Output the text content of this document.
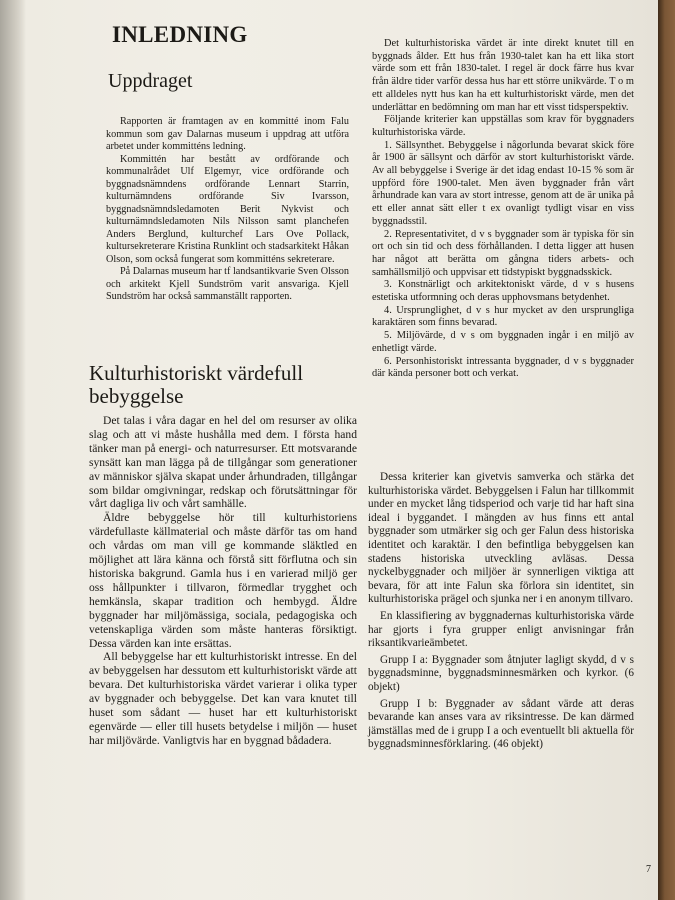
INLEDNING
Uppdraget

Rapporten är framtagen av en kommitté inom Falu kommun som gav Dalarnas museum i uppdrag att utföra arbetet under kommitténs ledning.

Kommittén har bestått av ordförande och kommunalrådet Ulf Elgemyr, vice ordförande och byggnadsnämndens ordförande Lennart Starrin, kulturnämndens ordförande Siv Ivarsson, byggnadsnämndsledamoten Berit Nykvist och kulturnämndsledamoten Nils Nilsson samt planchefen Anders Berglund, kulturchef Lars Ove Pollack, kultursekreterare Kristina Runklint och stadsarkitekt Håkan Olson, som också fungerat som kommitténs sekreterare.

På Dalarnas museum har tf landsantikvarie Sven Olsson och arkitekt Kjell Sundström varit ansvariga. Kjell Sundström har också sammanställt rapporten.

Kulturhistoriskt värdefull bebyggelse

Det talas i våra dagar en hel del om resurser av olika slag och att vi måste hushålla med dem. I första hand tänker man på energi- och naturresurser. Ett motsvarande synsätt kan man lägga på de tillgångar som generationer av människor själva skapat under århundraden, tillgångar som bildar omgivningar, redskap och förutsättningar för vårt dagliga liv och vårt samhälle.

Äldre bebyggelse hör till kulturhistoriens värdefullaste källmaterial och måste därför tas om hand och vårdas om man vill ge kommande släktled en möjlighet att lära känna och förstå sitt förflutna och sin historiska bakgrund. Gamla hus i en varierad miljö ger oss hållpunkter i tillvaron, förmedlar trygghet och hemkänsla, skapar tradition och hembygd. Äldre byggnader har miljömässiga, sociala, pedagogiska och vetenskapliga värden som måste hanteras försiktigt. Dessa värden kan inte ersättas.

All bebyggelse har ett kulturhistoriskt intresse. En del av bebyggelsen har dessutom ett kulturhistoriskt värde att bevara. Det kulturhistoriska värdet varierar i olika typer av byggnader och bebyggelse. Det kan vara knutet till huset som sådant — huset har ett kulturhistoriskt egenvärde — eller till husets betydelse i miljön — huset har miljövärde. Vanligtvis har en byggnad bådadera.

Det kulturhistoriska värdet är inte direkt knutet till en byggnads ålder. Ett hus från 1930-talet kan ha ett lika stort värde som ett från 1830-talet. I regel är dock färre hus kvar från äldre tider varför dessa hus har ett större unikvärde. T o m ett alldeles nytt hus kan ha ett kulturhistoriskt värde, men det underlättar en bedömning om man har ett visst tidsperspektiv.

Följande kriterier kan uppställas som krav för byggnaders kulturhistoriska värde.

1. Sällsynthet. Bebyggelse i någorlunda bevarat skick före år 1900 är sällsynt och därför av stort kulturhistoriskt värde. Av all bebyggelse i Sverige är det idag endast 10-15 % som är uppförd före 1900-talet. Men även byggnader från vårt århundrade kan vara av stort intresse, genom att de är unika på ett eller annat sätt eller t ex ovanligt tydligt visar en viss byggnadsstil.

2. Representativitet, d v s byggnader som är typiska för sin ort och sin tid och dess förhållanden. I detta ligger att husen har något att berätta om gångna tiders arbets- och samhällsmiljö och uppvisar ett tidstypiskt byggnadsskick.

3. Konstnärligt och arkitektoniskt värde, d v s husens estetiska utformning och deras upphovsmans betydenhet.

4. Ursprunglighet, d v s hur mycket av den ursprungliga karaktären som finns bevarad.

5. Miljövärde, d v s om byggnaden ingår i en miljö av enhetligt värde.

6. Personhistoriskt intressanta byggnader, d v s byggnader där kända personer bott och verkat.

Dessa kriterier kan givetvis samverka och stärka det kulturhistoriska värdet. Bebyggelsen i Falun har tillkommit under en mycket lång tidsperiod och varje tid har haft sina ideal i byggandet. I mängden av hus finns ett antal byggnader som utmärker sig och ger Falun dess historiska identitet och karaktär. I den befintliga bebyggelsen kan stadens historiska utveckling avläsas. Dessa nyckelbyggnader och miljöer är synnerligen viktiga att bevara, för att inte Falun ska förlora sin identitet, sin kulturhistoriska prägel och sjunka ner i en anonym tillvaro.

En klassifiering av byggnadernas kulturhistoriska värde har gjorts i fyra grupper enligt anvisningar från riksantikvarieämbetet.

Grupp I a: Byggnader som åtnjuter lagligt skydd, d v s byggnadsminne, byggnadsminnesmärken och kyrkor. (6 objekt)

Grupp I b: Byggnader av sådant värde att deras bevarande kan anses vara av riksintresse. De kan därmed jämställas med de i grupp I a och eventuellt bli aktuella för byggnadsminnesförklaring. (46 objekt)

7
